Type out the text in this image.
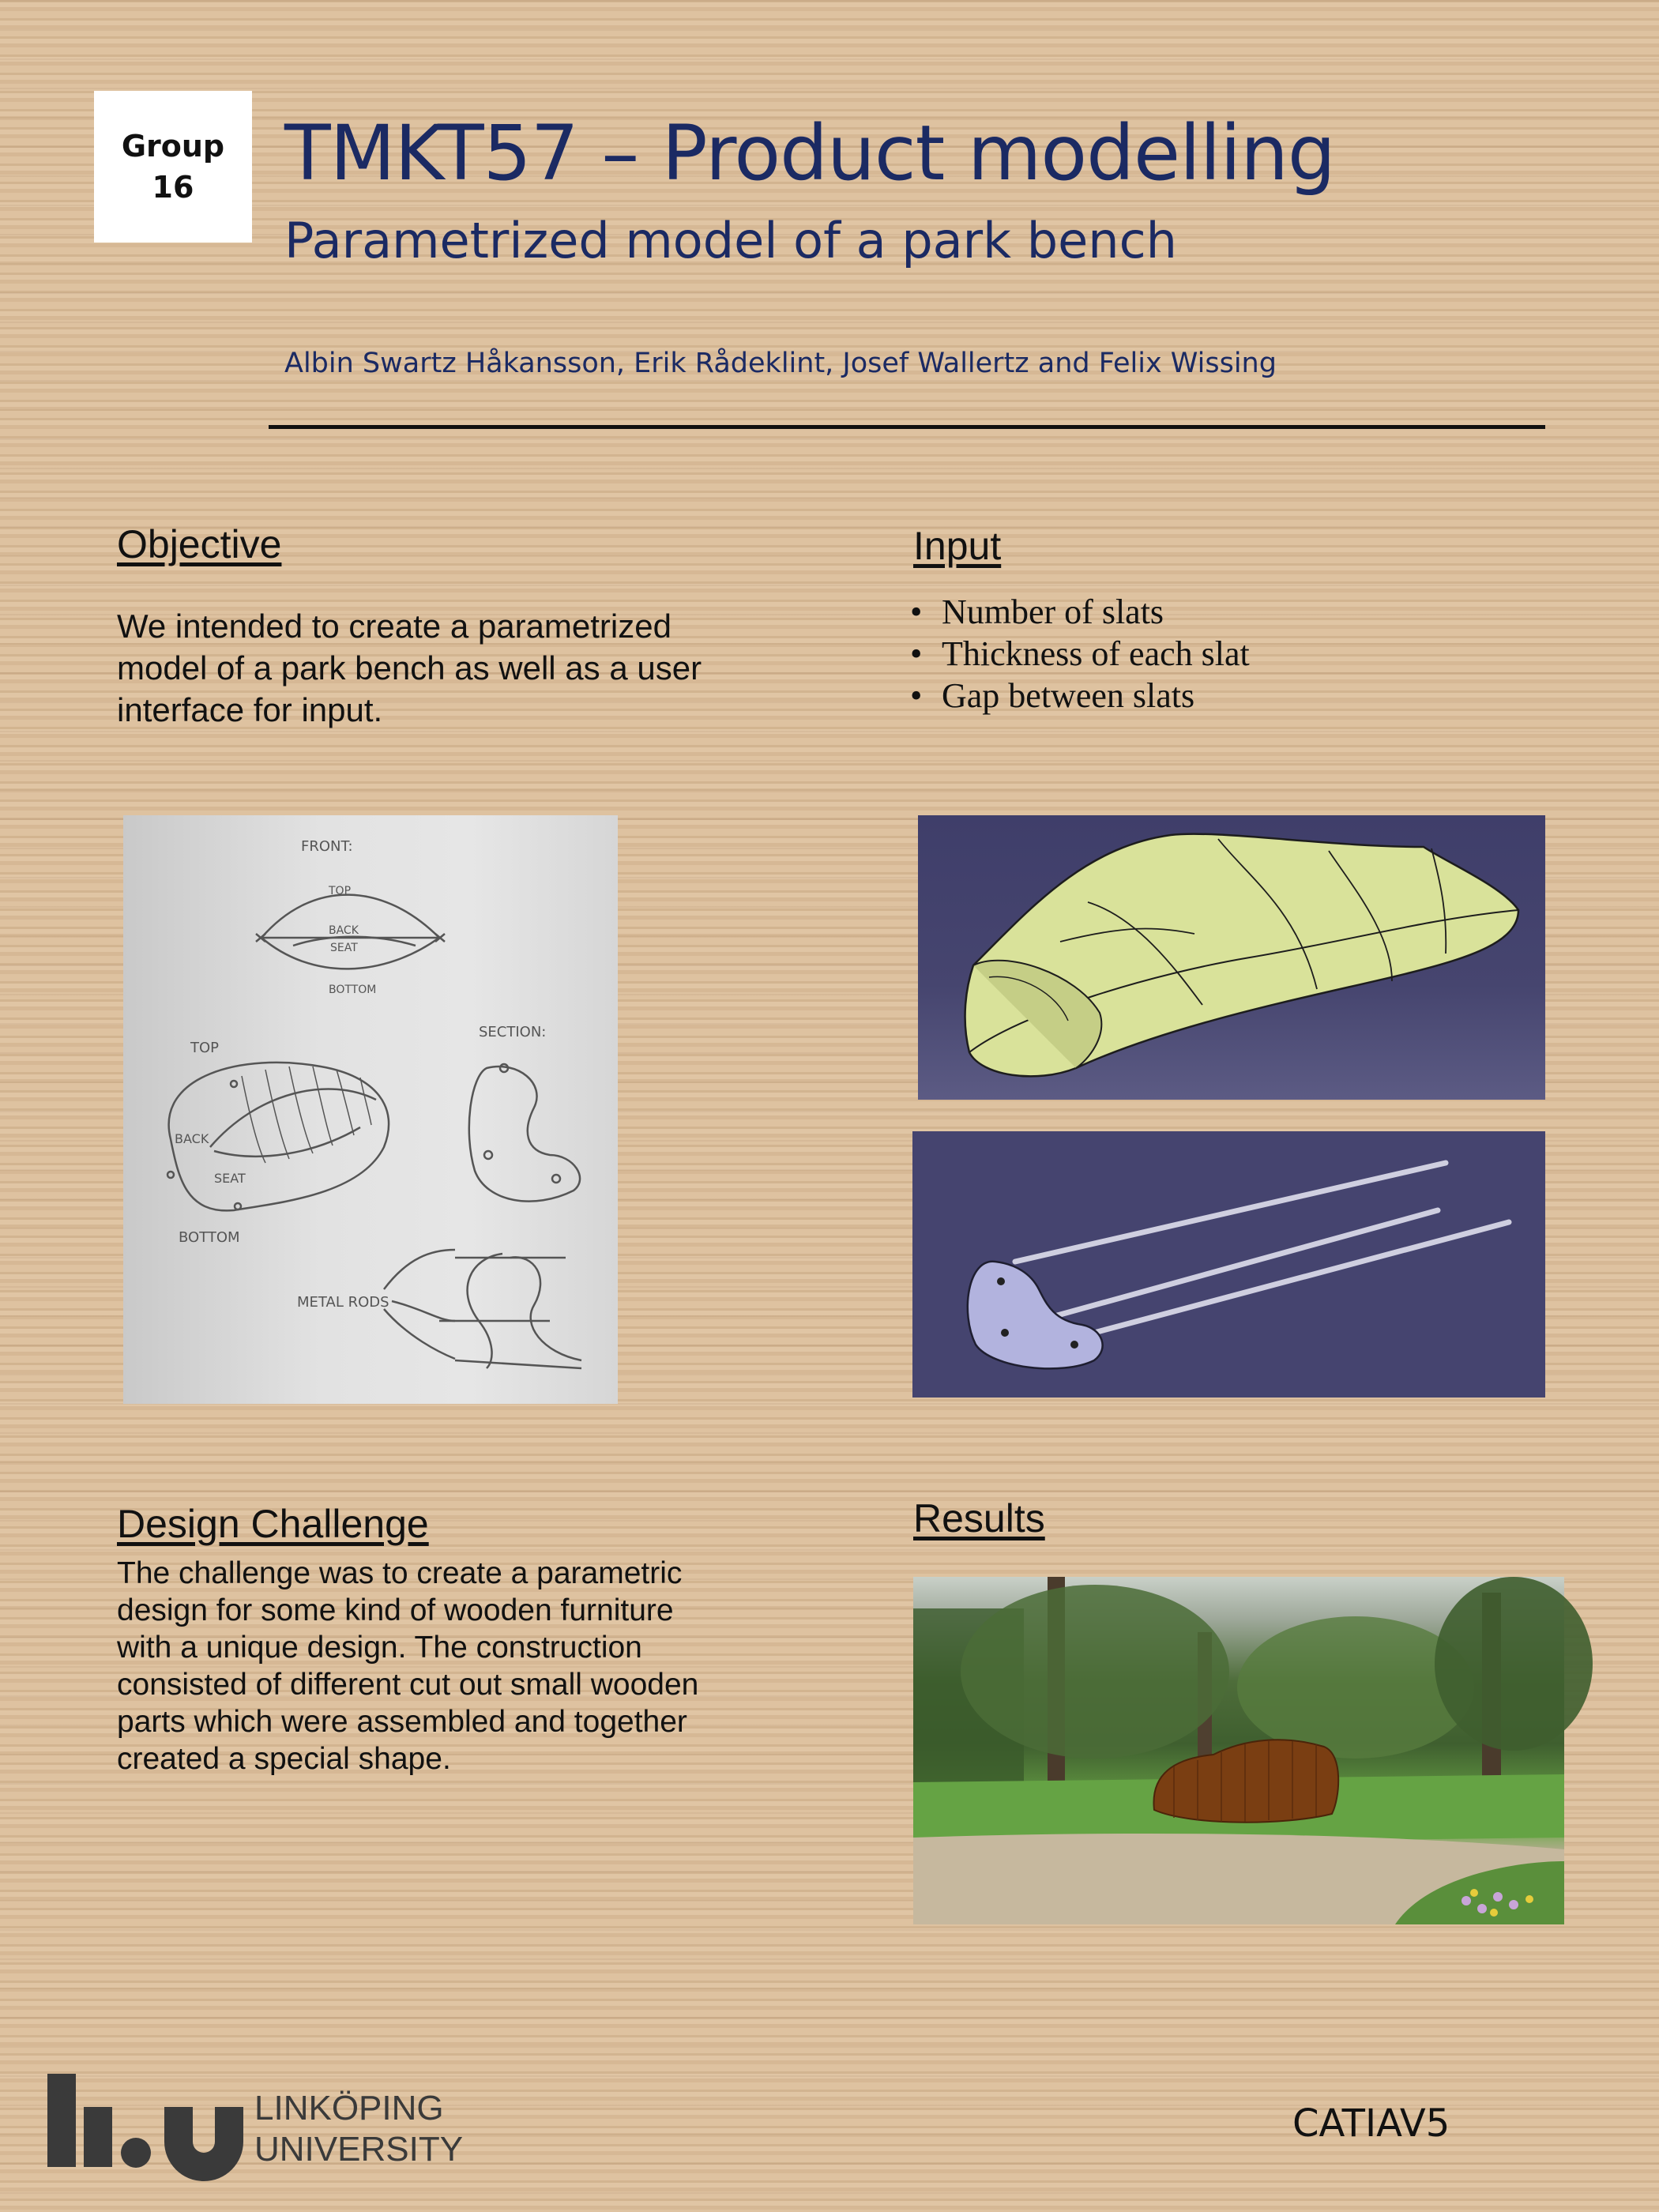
Group
16 TMKT57 – Product modelling
Parametrized model of a park bench
Albin Swartz Håkansson, Erik Rådeklint, Josef Wallertz and Felix Wissing
Objective
We intended to create a parametrized model of a park bench as well as a user interface for input.
Input
• Number of slats
• Thickness of each slat
• Gap between slats
FRONT:
TOP
BACK
SEAT
BOTTOM
TOP
SECTION:
BACK
SEAT
BOTTOM
METAL RODS
Design Challenge
The challenge was to create a parametric design for some kind of wooden furniture with a unique design. The construction consisted of different cut out small wooden parts which were assembled and together created a special shape.
Results
LINKÖPING
UNIVERSITY
CATIAV5
